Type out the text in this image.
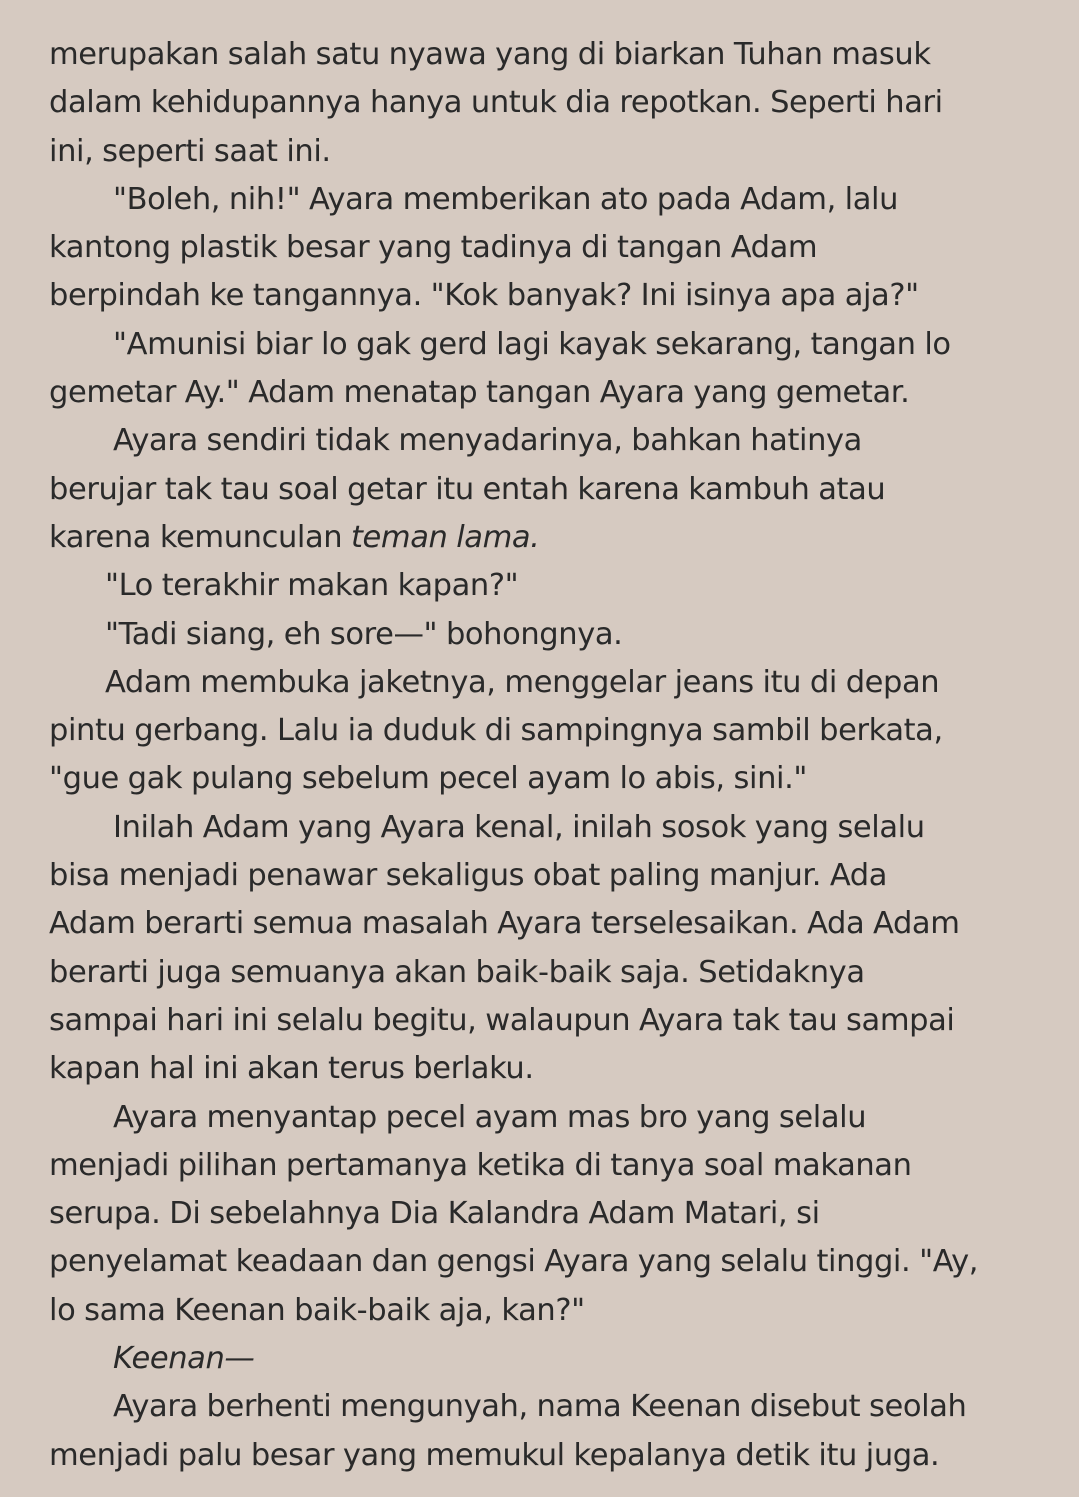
merupakan salah satu nyawa yang di biarkan Tuhan masuk
dalam kehidupannya hanya untuk dia repotkan. Seperti hari
ini, seperti saat ini.
"Boleh, nih!" Ayara memberikan ato pada Adam, lalu
kantong plastik besar yang tadinya di tangan Adam
berpindah ke tangannya. "Kok banyak? Ini isinya apa aja?"
"Amunisi biar lo gak gerd lagi kayak sekarang, tangan lo
gemetar Ay." Adam menatap tangan Ayara yang gemetar.
Ayara sendiri tidak menyadarinya, bahkan hatinya
berujar tak tau soal getar itu entah karena kambuh atau
karena kemunculan teman lama.
"Lo terakhir makan kapan?"
"Tadi siang, eh sore—" bohongnya.
Adam membuka jaketnya, menggelar jeans itu di depan
pintu gerbang. Lalu ia duduk di sampingnya sambil berkata,
"gue gak pulang sebelum pecel ayam lo abis, sini."
Inilah Adam yang Ayara kenal, inilah sosok yang selalu
bisa menjadi penawar sekaligus obat paling manjur. Ada
Adam berarti semua masalah Ayara terselesaikan. Ada Adam
berarti juga semuanya akan baik-baik saja. Setidaknya
sampai hari ini selalu begitu, walaupun Ayara tak tau sampai
kapan hal ini akan terus berlaku.
Ayara menyantap pecel ayam mas bro yang selalu
menjadi pilihan pertamanya ketika di tanya soal makanan
serupa. Di sebelahnya Dia Kalandra Adam Matari, si
penyelamat keadaan dan gengsi Ayara yang selalu tinggi. "Ay,
lo sama Keenan baik-baik aja, kan?"
Keenan—
Ayara berhenti mengunyah, nama Keenan disebut seolah
menjadi palu besar yang memukul kepalanya detik itu juga.
